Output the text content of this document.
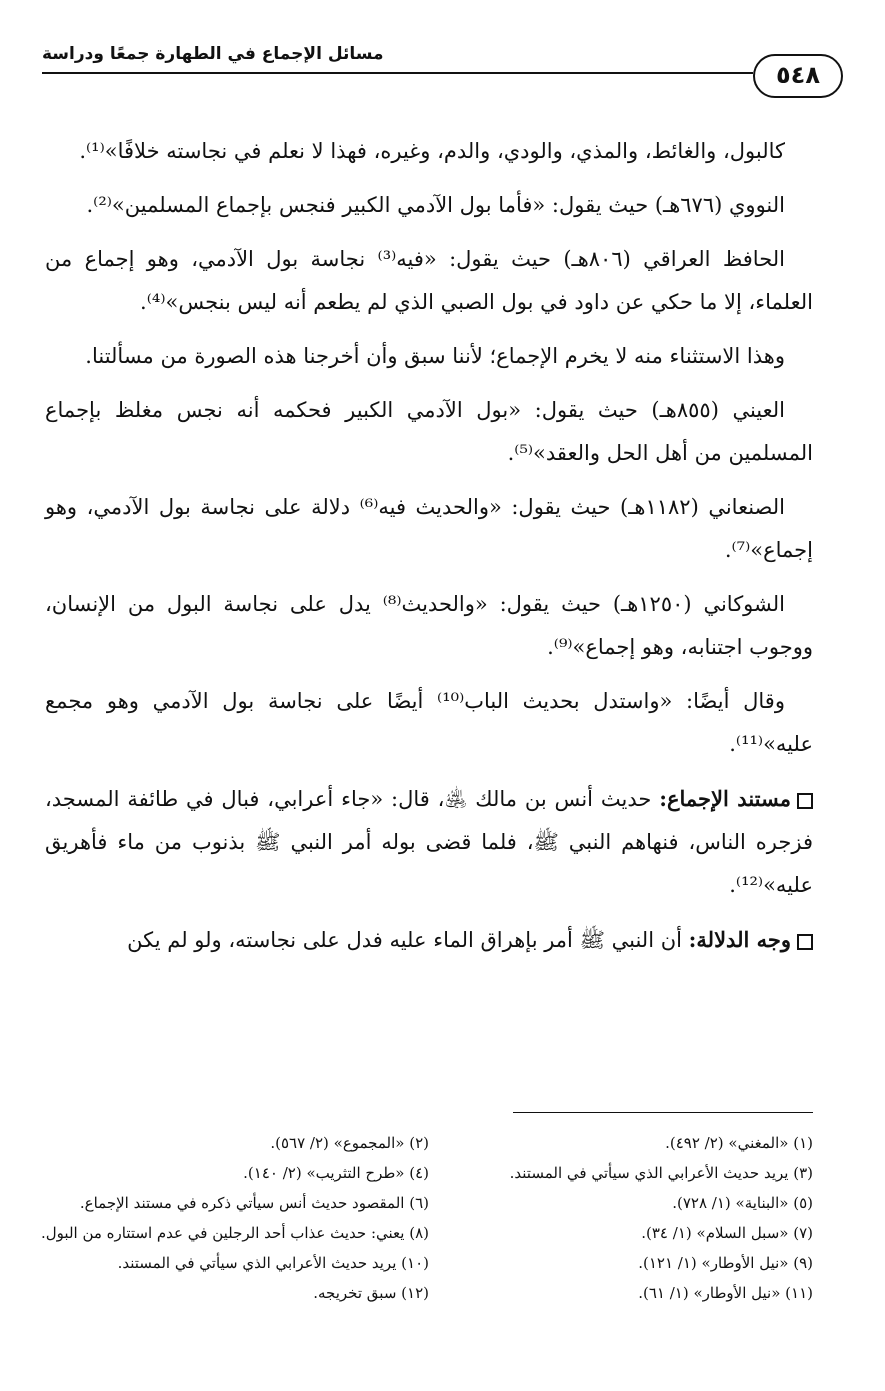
مسائل الإجماع في الطهارة جمعًا ودراسة
٥٤٨

كالبول، والغائط، والمذي، والودي، والدم، وغيره، فهذا لا نعلم في نجاسته خلافًا»⁽¹⁾.

النووي (٦٧٦هـ) حيث يقول: «فأما بول الآدمي الكبير فنجس بإجماع المسلمين»⁽²⁾.

الحافظ العراقي (٨٠٦هـ) حيث يقول: «فيه⁽³⁾ نجاسة بول الآدمي، وهو إجماع من العلماء، إلا ما حكي عن داود في بول الصبي الذي لم يطعم أنه ليس بنجس»⁽⁴⁾.

وهذا الاستثناء منه لا يخرم الإجماع؛ لأننا سبق وأن أخرجنا هذه الصورة من مسألتنا.

العيني (٨٥٥هـ) حيث يقول: «بول الآدمي الكبير فحكمه أنه نجس مغلظ بإجماع المسلمين من أهل الحل والعقد»⁽⁵⁾.

الصنعاني (١١٨٢هـ) حيث يقول: «والحديث فيه⁽⁶⁾ دلالة على نجاسة بول الآدمي، وهو إجماع»⁽⁷⁾.

الشوكاني (١٢٥٠هـ) حيث يقول: «والحديث⁽⁸⁾ يدل على نجاسة البول من الإنسان، ووجوب اجتنابه، وهو إجماع»⁽⁹⁾.

وقال أيضًا: «واستدل بحديث الباب⁽¹⁰⁾ أيضًا على نجاسة بول الآدمي وهو مجمع عليه»⁽¹¹⁾.

مستند الإجماع: حديث أنس بن مالك ﵁، قال: «جاء أعرابي، فبال في طائفة المسجد، فزجره الناس، فنهاهم النبي ﷺ، فلما قضى بوله أمر النبي ﷺ بذنوب من ماء فأهريق عليه»⁽¹²⁾.

وجه الدلالة: أن النبي ﷺ أمر بإهراق الماء عليه فدل على نجاسته، ولو لم يكن

(١) «المغني» (٢/ ٤٩٢).
(٢) «المجموع» (٢/ ٥٦٧).
(٣) يريد حديث الأعرابي الذي سيأتي في المستند.
(٤) «طرح التثريب» (٢/ ١٤٠).
(٥) «البناية» (١/ ٧٢٨).
(٦) المقصود حديث أنس سيأتي ذكره في مستند الإجماع.
(٧) «سبل السلام» (١/ ٣٤).
(٨) يعني: حديث عذاب أحد الرجلين في عدم استتاره من البول.
(٩) «نيل الأوطار» (١/ ١٢١).
(١٠) يريد حديث الأعرابي الذي سيأتي في المستند.
(١١) «نيل الأوطار» (١/ ٦١).
(١٢) سبق تخريجه.
